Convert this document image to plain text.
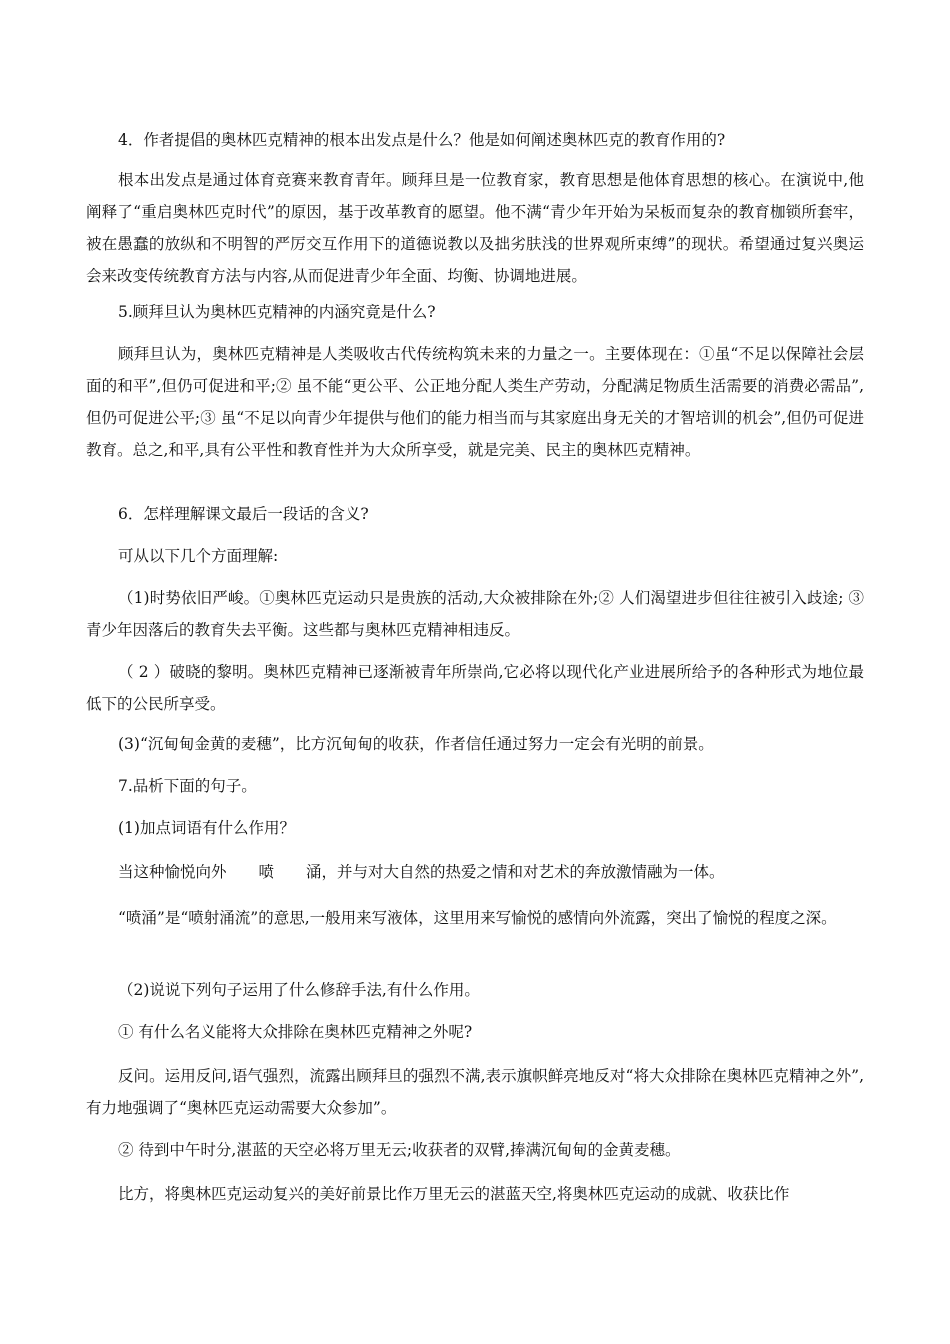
4．作者提倡的奥林匹克精神的根本出发点是什么？他是如何阐述奥林匹克的教育作用的?

根本出发点是通过体育竞赛来教育青年。顾拜旦是一位教育家，教育思想是他体育思想的核心。在演说中,他阐释了“重启奥林匹克时代”的原因，基于改革教育的愿望。他不满“青少年开始为呆板而复杂的教育枷锁所套牢，被在愚蠢的放纵和不明智的严厉交互作用下的道德说教以及拙劣肤浅的世界观所束缚”的现状。希望通过复兴奥运会来改变传统教育方法与内容,从而促进青少年全面、均衡、协调地进展。

5.顾拜旦认为奥林匹克精神的内涵究竟是什么?

顾拜旦认为，奥林匹克精神是人类吸收古代传统构筑未来的力量之一。主要体现在：①虽“不足以保障社会层面的和平”,但仍可促进和平;② 虽不能“更公平、公正地分配人类生产劳动，分配满足物质生活需要的消费必需品”,但仍可促进公平;③ 虽“不足以向青少年提供与他们的能力相当而与其家庭出身无关的才智培训的机会”,但仍可促进教育。总之,和平,具有公平性和教育性并为大众所享受，就是完美、民主的奥林匹克精神。

6．怎样理解课文最后一段话的含义?

可从以下几个方面理解:

（1)时势依旧严峻。①奥林匹克运动只是贵族的活动,大众被排除在外;② 人们渴望进步但往往被引入歧途; ③青少年因落后的教育失去平衡。这些都与奥林匹克精神相违反。

（ 2 ）破晓的黎明。奥林匹克精神已逐渐被青年所崇尚,它必将以现代化产业进展所给予的各种形式为地位最低下的公民所享受。

(3)“沉甸甸金黄的麦穗”，比方沉甸甸的收获，作者信任通过努力一定会有光明的前景。

7.品析下面的句子。

(1)加点词语有什么作用？

当这种愉悦向外 喷 · 涌 ·，并与对大自然的热爱之情和对艺术的奔放激情融为一体。

“喷涌”是“喷射涌流”的意思,一般用来写液体，这里用来写愉悦的感情向外流露，突出了愉悦的程度之深。

（2)说说下列句子运用了什么修辞手法,有什么作用。

① 有什么名义能将大众排除在奥林匹克精神之外呢?

反问。运用反问,语气强烈，流露出顾拜旦的强烈不满,表示旗帜鲜亮地反对“将大众排除在奥林匹克精神之外”,有力地强调了“奥林匹克运动需要大众参加”。

② 待到中午时分,湛蓝的天空必将万里无云;收获者的双臂,捧满沉甸甸的金黄麦穗。

比方，将奥林匹克运动复兴的美好前景比作万里无云的湛蓝天空,将奥林匹克运动的成就、收获比作
